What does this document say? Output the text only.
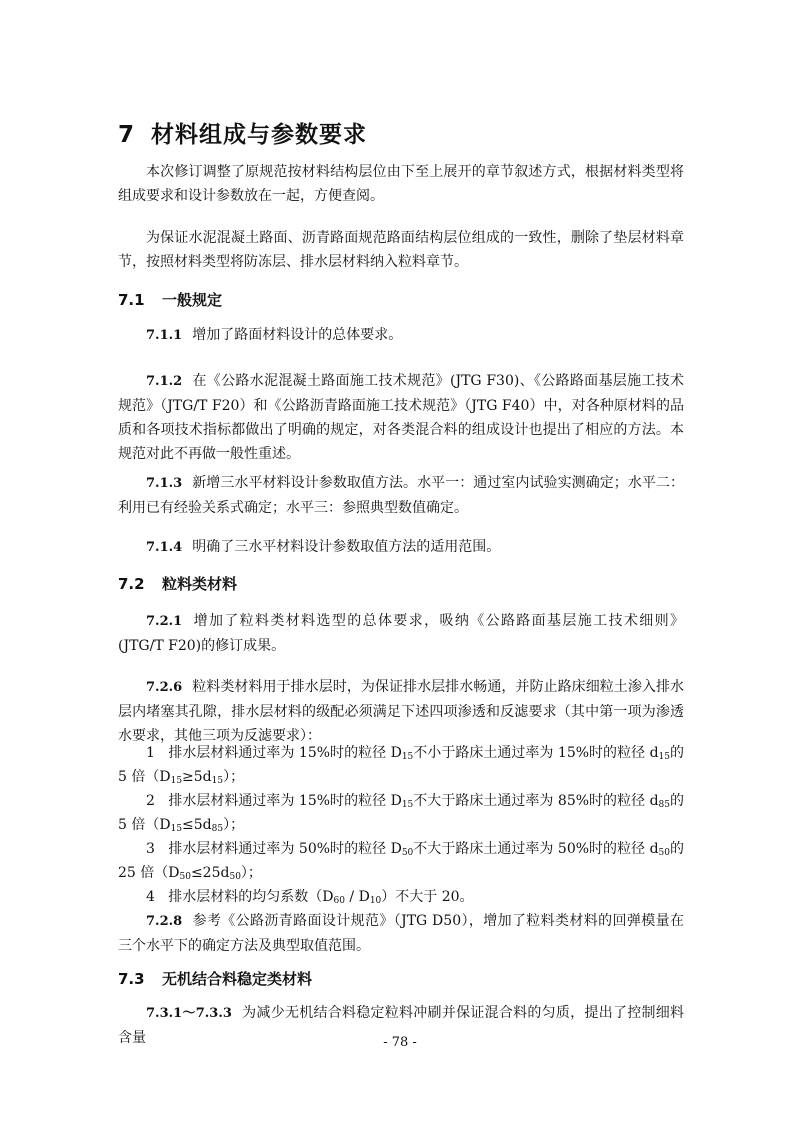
7 材料组成与参数要求
本次修订调整了原规范按材料结构层位由下至上展开的章节叙述方式，根据材料类型将组成要求和设计参数放在一起，方便查阅。
为保证水泥混凝土路面、沥青路面规范路面结构层位组成的一致性，删除了垫层材料章节，按照材料类型将防冻层、排水层材料纳入粒料章节。
7.1 一般规定
7.1.1 增加了路面材料设计的总体要求。
7.1.2 在《公路水泥混凝土路面施工技术规范》(JTG F30)、《公路路面基层施工技术规范》（JTG/T F20）和《公路沥青路面施工技术规范》（JTG F40）中，对各种原材料的品质和各项技术指标都做出了明确的规定，对各类混合料的组成设计也提出了相应的方法。本规范对此不再做一般性重述。
7.1.3 新增三水平材料设计参数取值方法。水平一：通过室内试验实测确定；水平二：利用已有经验关系式确定；水平三：参照典型数值确定。
7.1.4 明确了三水平材料设计参数取值方法的适用范围。
7.2 粒料类材料
7.2.1 增加了粒料类材料选型的总体要求，吸纳《公路路面基层施工技术细则》(JTG/T F20)的修订成果。
7.2.6 粒料类材料用于排水层时，为保证排水层排水畅通，并防止路床细粒土渗入排水层内堵塞其孔隙，排水层材料的级配必须满足下述四项渗透和反滤要求（其中第一项为渗透水要求，其他三项为反滤要求）：
1 排水层材料通过率为 15%时的粒径 $D_{15}$不小于路床土通过率为 15%时的粒径 $d_{15}$的 5 倍$(D_{15}\ge 5d_{15})$；
2 排水层材料通过率为 15%时的粒径 $D_{15}$不大于路床土通过率为 85%时的粒径 $d_{85}$的 5 倍$(D_{15}\le 5d_{85})$；
3 排水层材料通过率为 50%时的粒径 $D_{50}$不大于路床土通过率为 50%时的粒径 $d_{50}$的 25 倍$(D_{50}\le 25d_{50})$；
4 排水层材料的均匀系数$(D_{60} / D_{10})$不大于 20。
7.2.8 参考《公路沥青路面设计规范》（JTG D50），增加了粒料类材料的回弹模量在三个水平下的确定方法及典型取值范围。
7.3 无机结合料稳定类材料
7.3.1～7.3.3 为减少无机结合料稳定粒料冲刷并保证混合料的匀质，提出了控制细料含量	- 78 -
